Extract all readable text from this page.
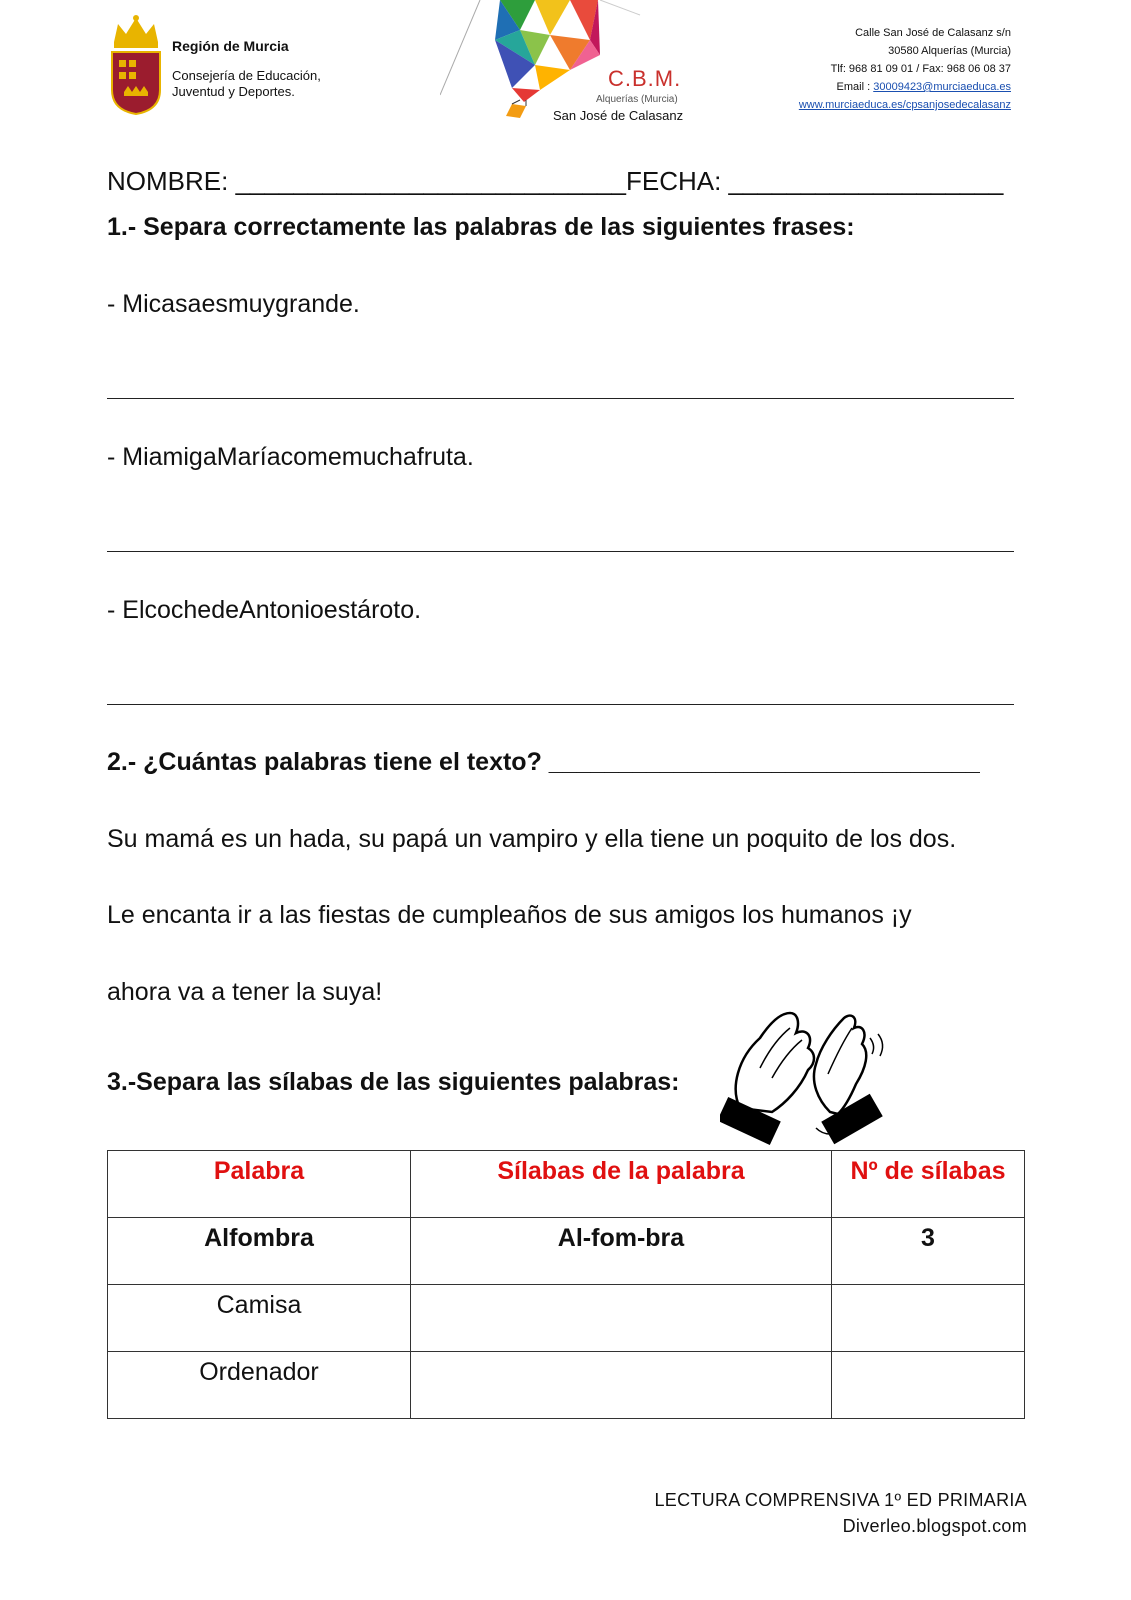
Región de Murcia
Consejería de Educación,
Juventud y Deportes.
C.B.M.
Alquerías (Murcia)
San José de Calasanz
Calle San José de Calasanz s/n
30580 Alquerías (Murcia)
Tlf: 968 81 09 01 / Fax: 968 06 08 37
Email : 30009423@murciaeduca.es
www.murciaeduca.es/cpsanjosedecalasanz
NOMBRE: ___________________________FECHA: ___________________
1.- Separa correctamente las palabras de las siguientes frases:
- Micasaesmuygrande.
- MiamigaMaríacomemuchafruta.
- ElcochedeAntonioestároto.
2.- ¿Cuántas palabras tiene el texto? _______________________________
Su mamá es un hada, su papá un vampiro y ella tiene un poquito de los dos.
Le encanta ir a las fiestas de cumpleaños de sus amigos los humanos ¡y
ahora va a tener la suya!
3.-Separa las sílabas de las siguientes palabras:
Palabra	Sílabas de la palabra	Nº de sílabas
Alfombra	Al-fom-bra	3
Camisa		
Ordenador		
LECTURA COMPRENSIVA 1º ED PRIMARIA
Diverleo.blogspot.com
